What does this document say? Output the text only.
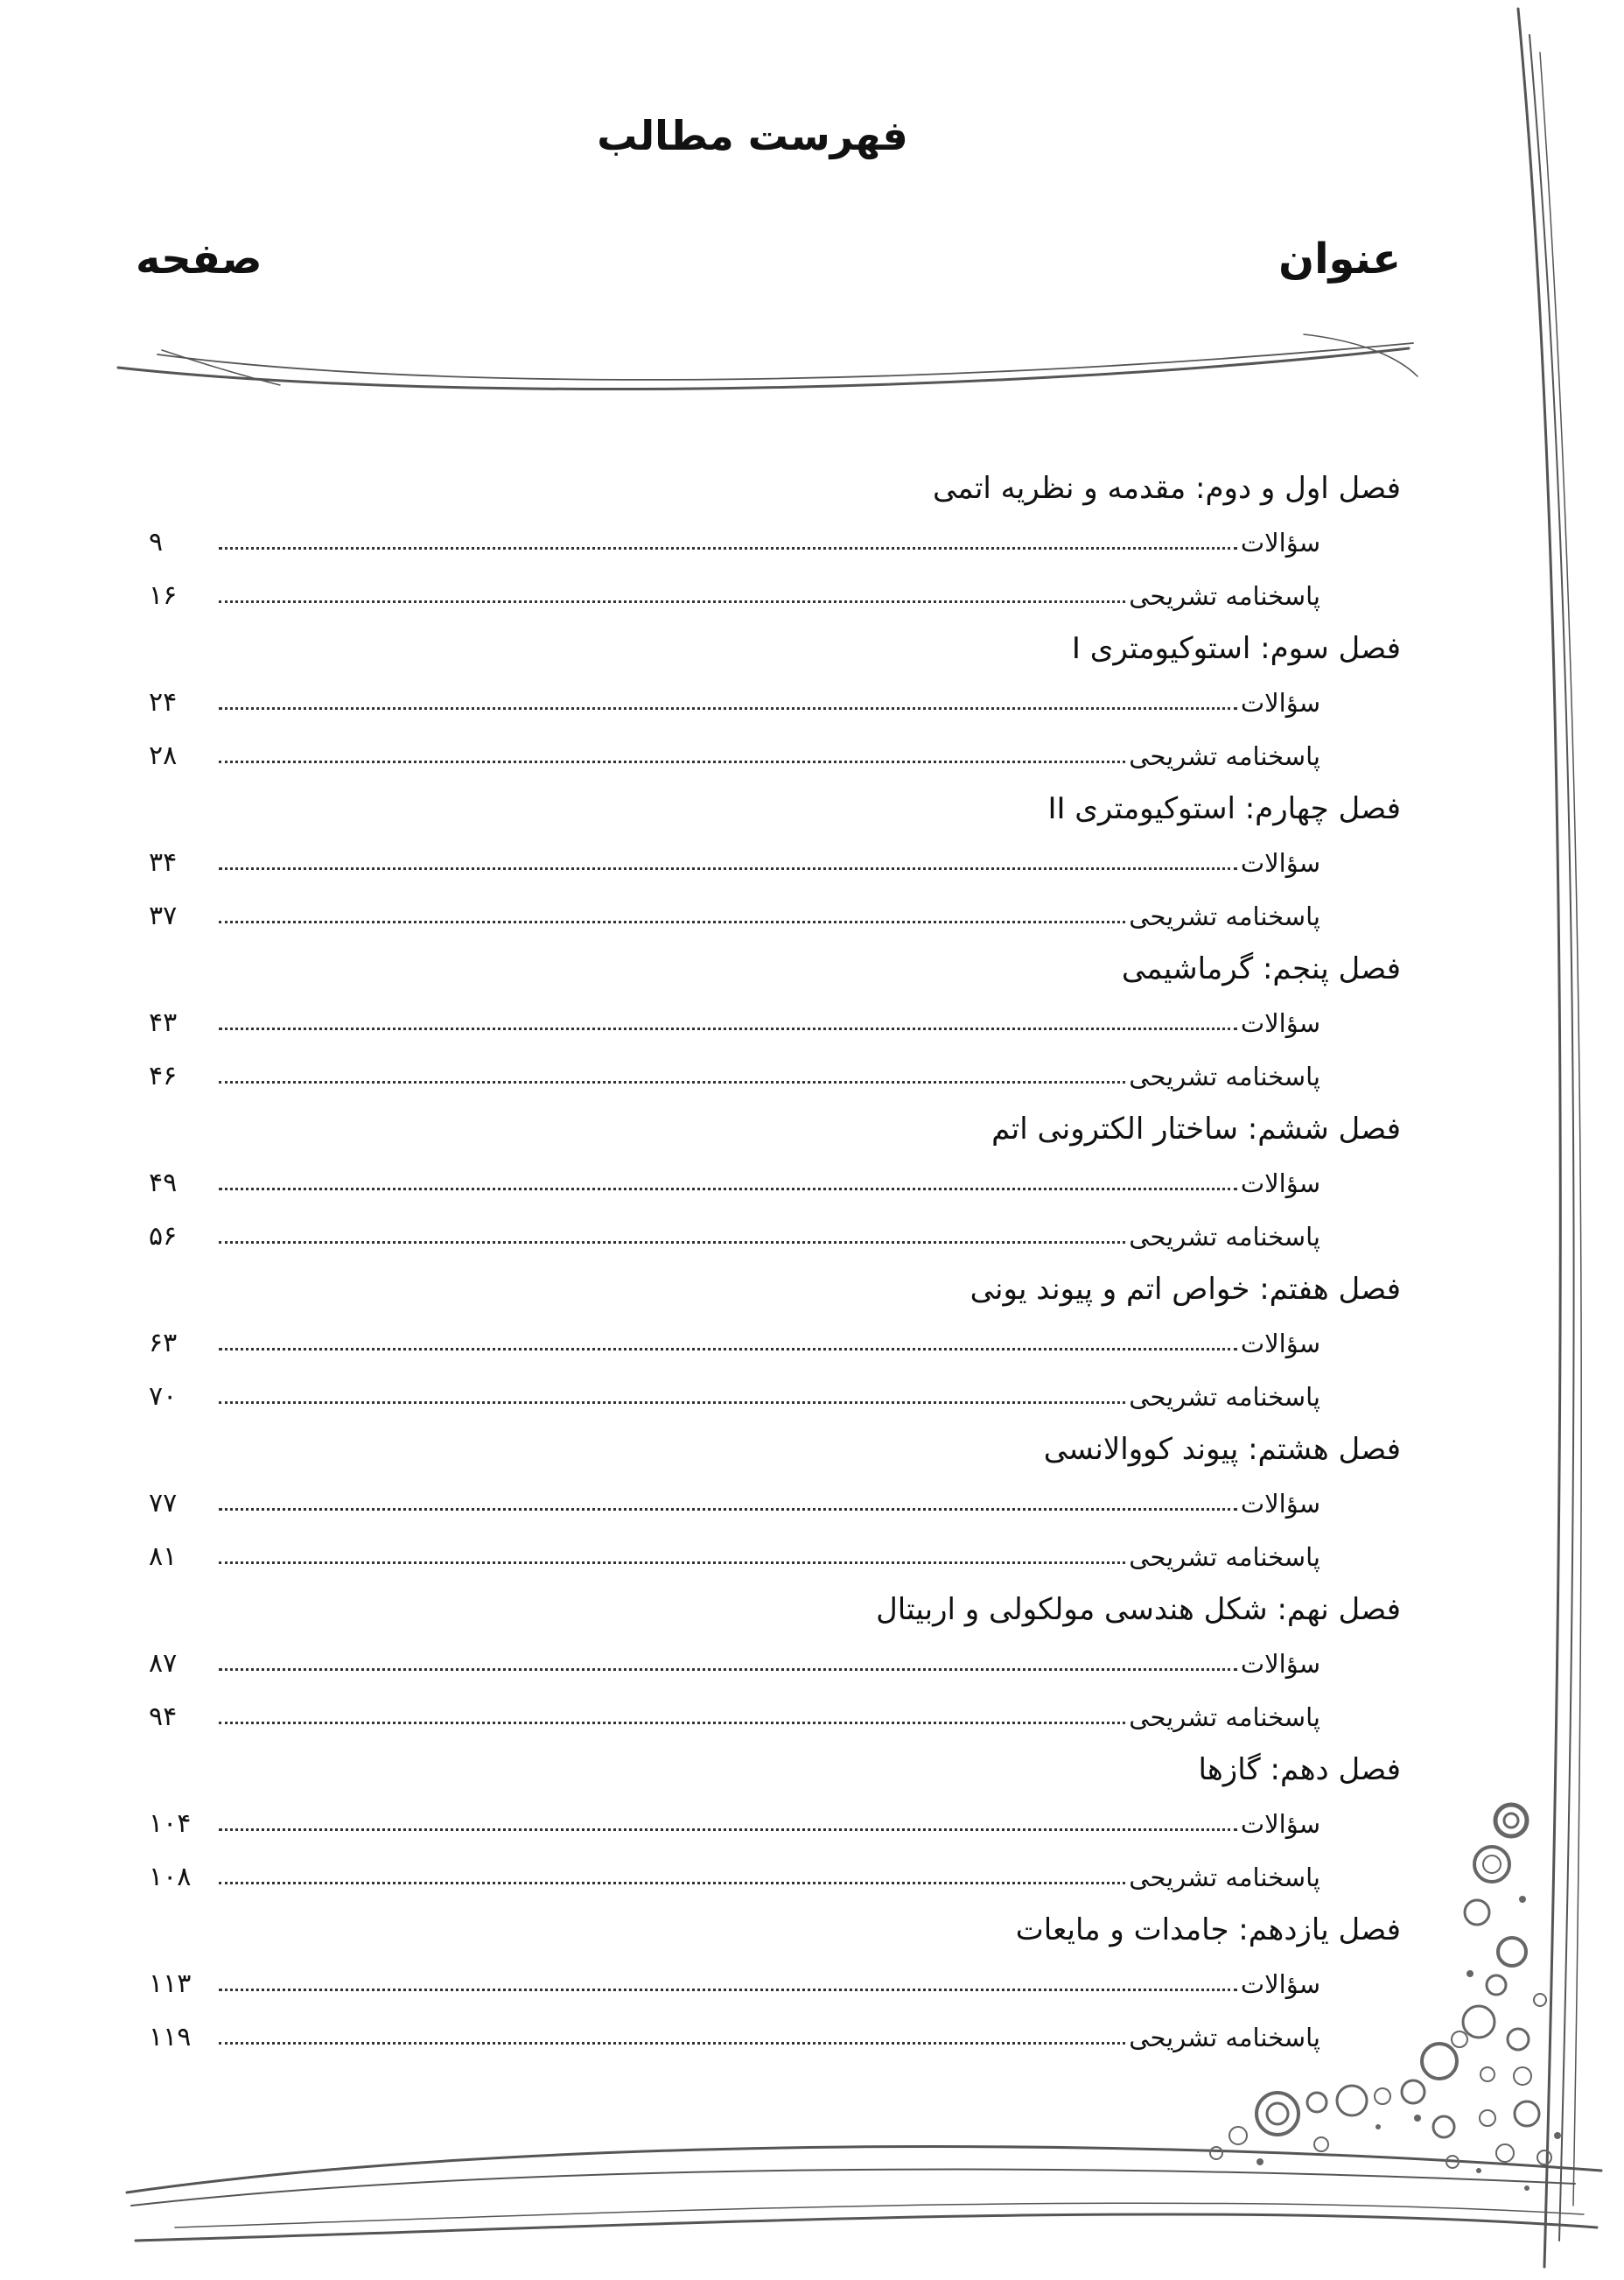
فهرست مطالب
عنوان
صفحه
فصل اول و دوم: مقدمه و نظریه اتمی
سؤالات
۹
پاسخنامه تشریحی
۱۶
فصل سوم: استوکیومتری I
سؤالات
۲۴
پاسخنامه تشریحی
۲۸
فصل چهارم: استوکیومتری II
سؤالات
۳۴
پاسخنامه تشریحی
۳۷
فصل پنجم: گرماشیمی
سؤالات
۴۳
پاسخنامه تشریحی
۴۶
فصل ششم: ساختار الکترونی اتم
سؤالات
۴۹
پاسخنامه تشریحی
۵۶
فصل هفتم: خواص اتم و پیوند یونی
سؤالات
۶۳
پاسخنامه تشریحی
۷۰
فصل هشتم: پیوند کووالانسی
سؤالات
۷۷
پاسخنامه تشریحی
۸۱
فصل نهم: شکل هندسی مولکولی و اربیتال
سؤالات
۸۷
پاسخنامه تشریحی
۹۴
فصل دهم: گازها
سؤالات
۱۰۴
پاسخنامه تشریحی
۱۰۸
فصل یازدهم: جامدات و مایعات
سؤالات
۱۱۳
پاسخنامه تشریحی
۱۱۹
